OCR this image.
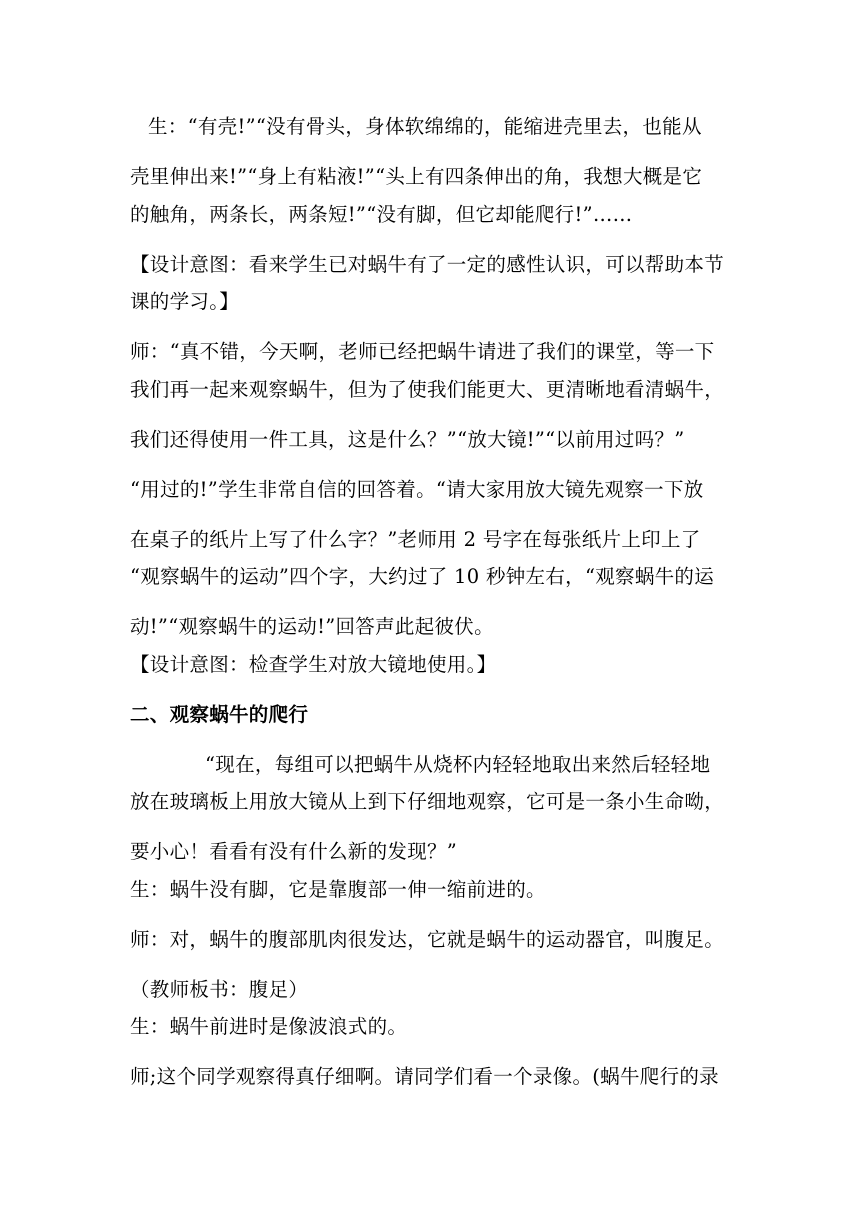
生：“有壳!”“没有骨头，身体软绵绵的，能缩进壳里去，也能从
壳里伸出来!”“身上有粘液!”“头上有四条伸出的角，我想大概是它
的触角，两条长，两条短!”“没有脚，但它却能爬行!”……
【设计意图：看来学生已对蜗牛有了一定的感性认识，可以帮助本节
课的学习。】
师：“真不错，今天啊，老师已经把蜗牛请进了我们的课堂，等一下
我们再一起来观察蜗牛，但为了使我们能更大、更清晰地看清蜗牛，
我们还得使用一件工具，这是什么？”“放大镜!”“以前用过吗？”
“用过的!”学生非常自信的回答着。“请大家用放大镜先观察一下放
在桌子的纸片上写了什么字？”老师用 2 号字在每张纸片上印上了
“观察蜗牛的运动”四个字，大约过了 10 秒钟左右，“观察蜗牛的运
动!”“观察蜗牛的运动!”回答声此起彼伏。
【设计意图：检查学生对放大镜地使用。】
二、观察蜗牛的爬行
“现在，每组可以把蜗牛从烧杯内轻轻地取出来然后轻轻地
放在玻璃板上用放大镜从上到下仔细地观察，它可是一条小生命呦，
要小心！看看有没有什么新的发现？”
生：蜗牛没有脚，它是靠腹部一伸一缩前进的。
师：对，蜗牛的腹部肌肉很发达，它就是蜗牛的运动器官，叫腹足。
（教师板书：腹足）
生：蜗牛前进时是像波浪式的。
师;这个同学观察得真仔细啊。请同学们看一个录像。(蜗牛爬行的录
